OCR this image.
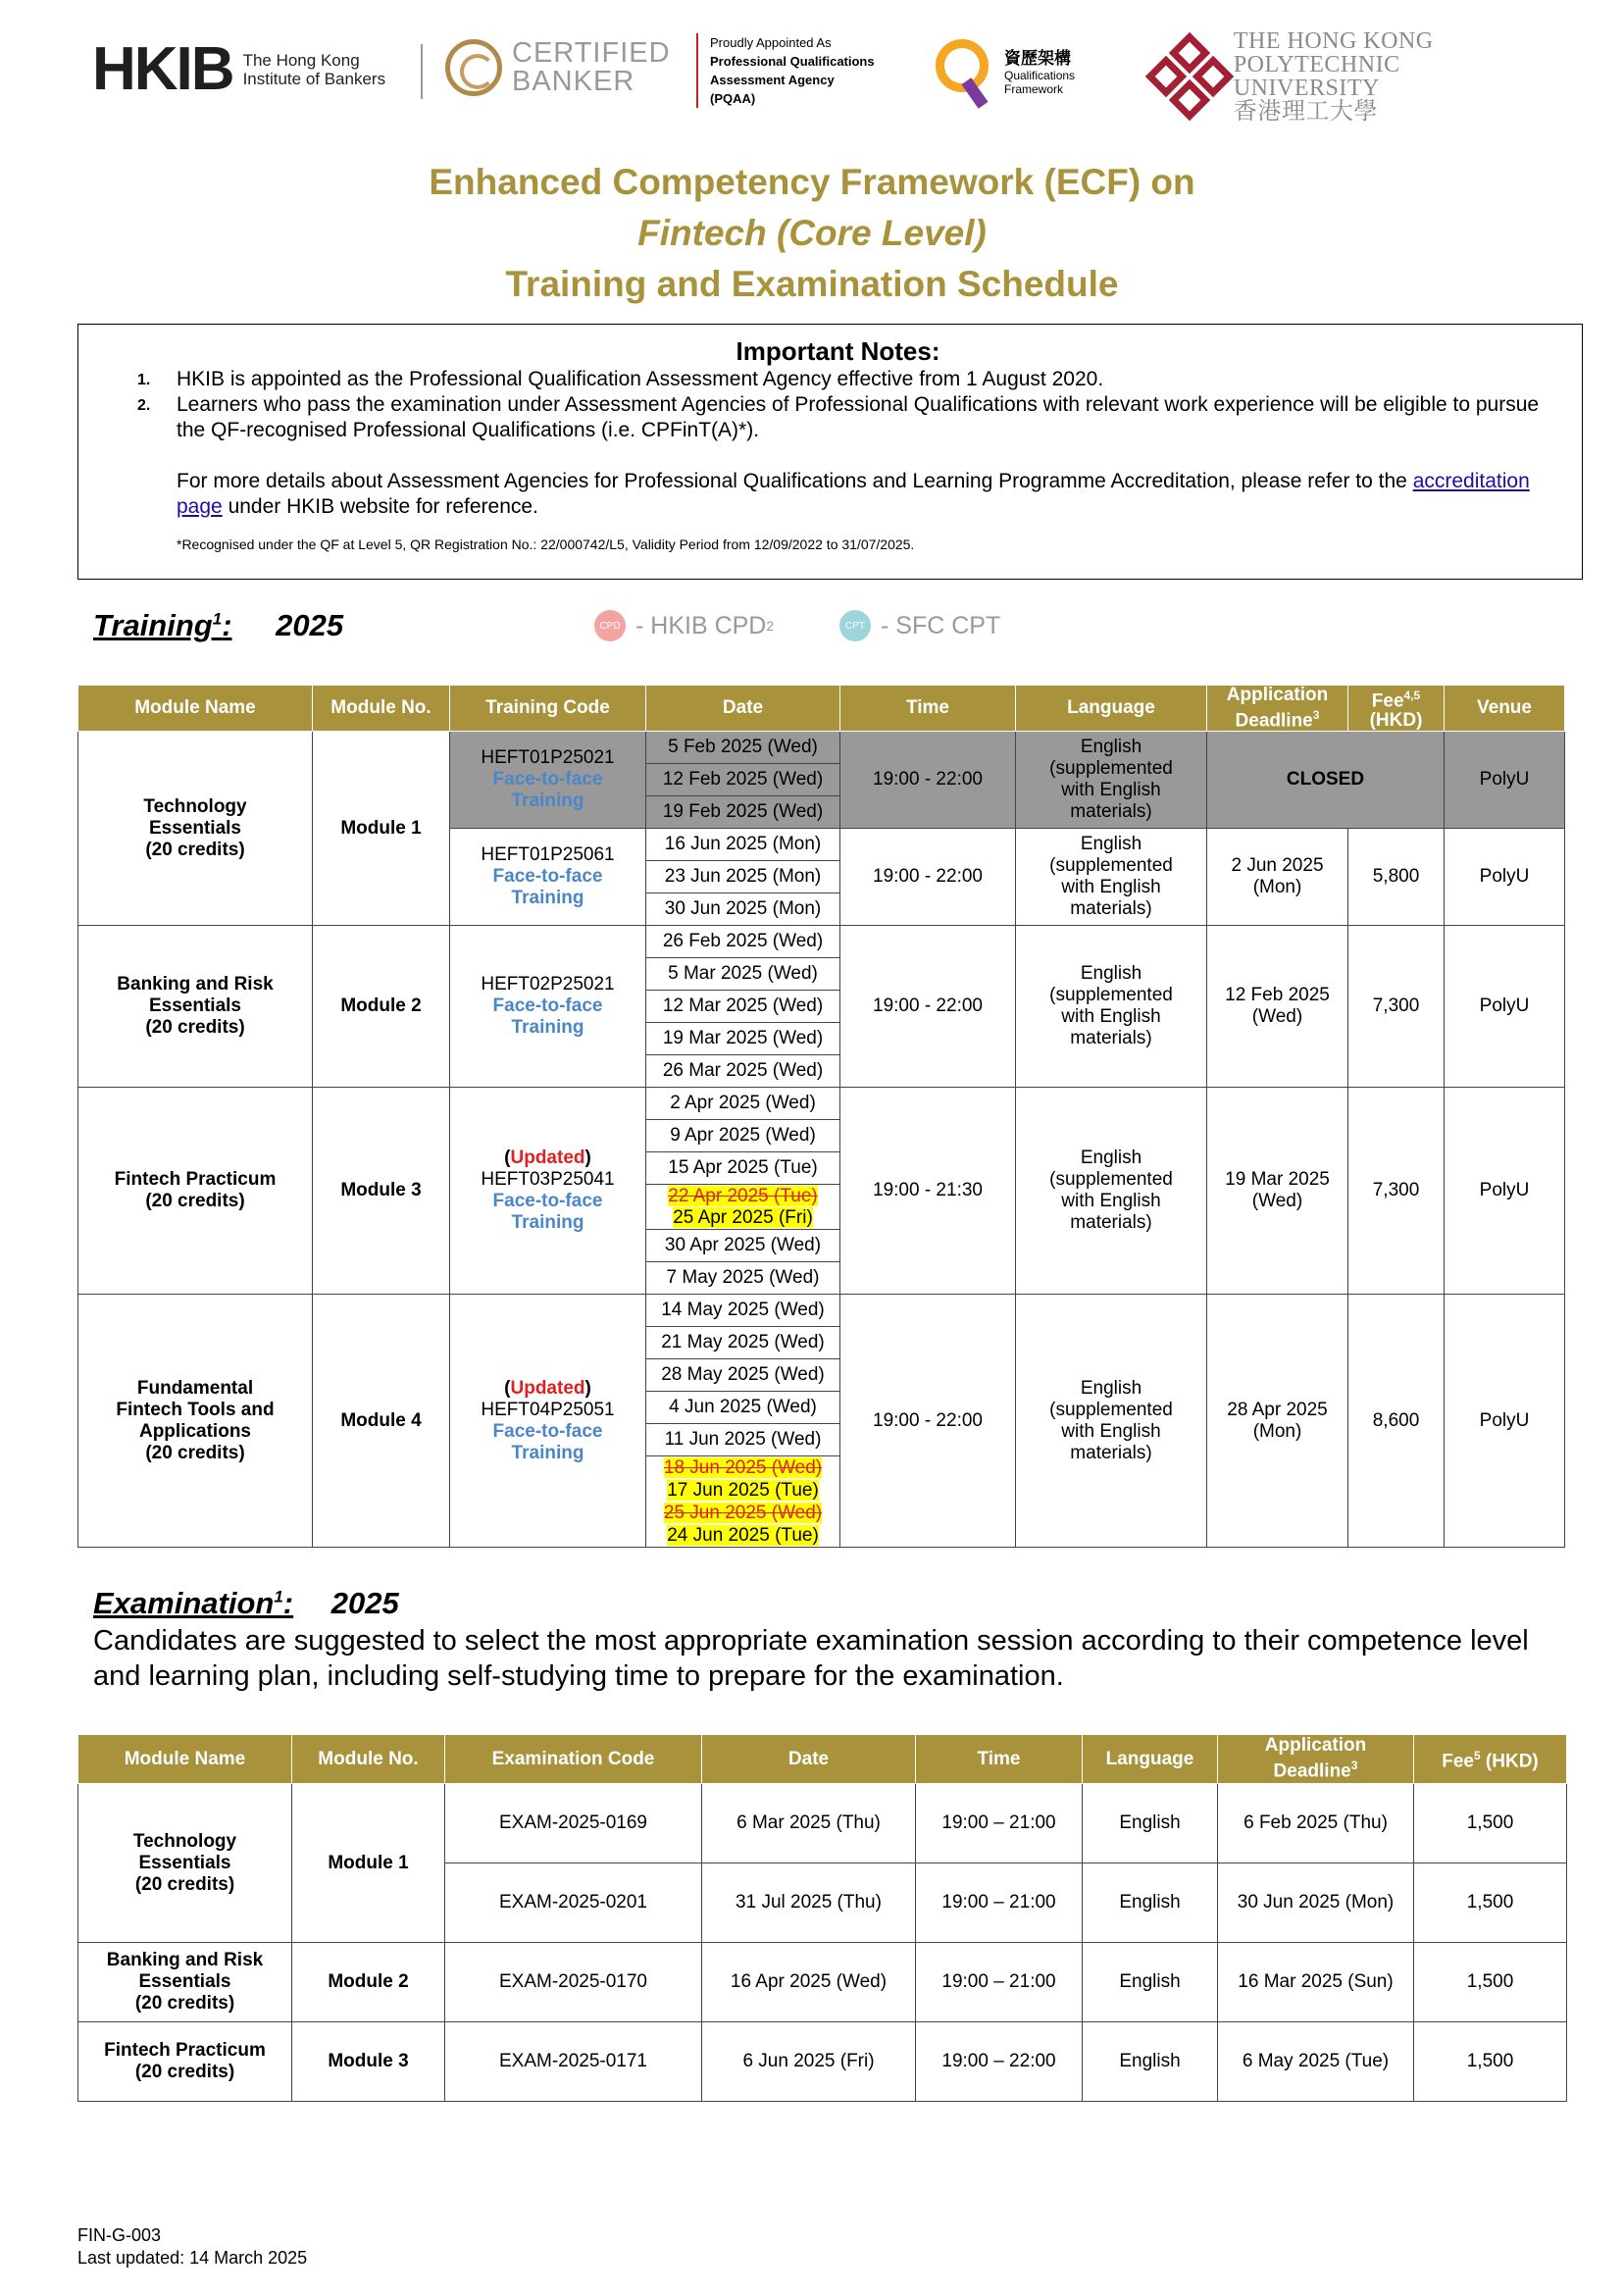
HKIB The Hong Kong
Institute of Bankers
CERTIFIED
BANKER
Proudly Appointed As
Professional Qualifications
Assessment Agency
(PQAA)
資歷架構
Qualifications
Framework
THE HONG KONG
POLYTECHNIC UNIVERSITY
香港理工大學
Enhanced Competency Framework (ECF) on
Fintech (Core Level)
Training and Examination Schedule
Important Notes:
1. HKIB is appointed as the Professional Qualification Assessment Agency effective from 1 August 2020.
2. Learners who pass the examination under Assessment Agencies of Professional Qualifications with relevant work experience will be eligible to pursue the QF-recognised Professional Qualifications (i.e. CPFinT(A)*).
For more details about Assessment Agencies for Professional Qualifications and Learning Programme Accreditation, please refer to the accreditation page under HKIB website for reference.
*Recognised under the QF at Level 5, QR Registration No.: 22/000742/L5, Validity Period from 12/09/2022 to 31/07/2025.
Training$^1$: 2025	CPD - HKIB CPD 2	CPT - SFC CPT
Module Name	Module No.	Training Code	Date	Time	Language	Application
Deadline$^3$	Fee$^{4,5}$
(HKD)	Venue
Technology
Essentials
(20 credits)	Module 1	HEFT01P25021
Face-to-face
Training	5 Feb 2025 (Wed)	19:00 - 22:00	English
(supplemented
with English
materials)	CLOSED		PolyU
			12 Feb 2025 (Wed)					
			19 Feb 2025 (Wed)					
		HEFT01P25061
Face-to-face
Training	16 Jun 2025 (Mon)	19:00 - 22:00	English
(supplemented
with English
materials)	2 Jun 2025
(Mon)	5,800	PolyU
			23 Jun 2025 (Mon)					
			30 Jun 2025 (Mon)					
Banking and Risk
Essentials
(20 credits)	Module 2	HEFT02P25021
Face-to-face
Training	26 Feb 2025 (Wed)	19:00 - 22:00	English
(supplemented
with English
materials)	12 Feb 2025
(Wed)	7,300	PolyU
			5 Mar 2025 (Wed)					
			12 Mar 2025 (Wed)					
			19 Mar 2025 (Wed)					
			26 Mar 2025 (Wed)					
Fintech Practicum
(20 credits)	Module 3	(Updated)
HEFT03P25041
Face-to-face
Training	2 Apr 2025 (Wed)	19:00 - 21:30	English
(supplemented
with English
materials)	19 Mar 2025
(Wed)	7,300	PolyU
			9 Apr 2025 (Wed)					
			15 Apr 2025 (Tue)					
			22 Apr 2025 (Tue)
25 Apr 2025 (Fri)					
			30 Apr 2025 (Wed)					
			7 May 2025 (Wed)					
Fundamental
Fintech Tools and
Applications
(20 credits)	Module 4	(Updated)
HEFT04P25051
Face-to-face
Training	14 May 2025 (Wed)	19:00 - 22:00	English
(supplemented
with English
materials)	28 Apr 2025
(Mon)	8,600	PolyU
			21 May 2025 (Wed)					
			28 May 2025 (Wed)					
			4 Jun 2025 (Wed)					
			11 Jun 2025 (Wed)					
			18 Jun 2025 (Wed)
17 Jun 2025 (Tue)
25 Jun 2025 (Wed)
24 Jun 2025 (Tue)					
Examination$^1$: 2025
Candidates are suggested to select the most appropriate examination session according to their competence level and learning plan, including self-studying time to prepare for the examination.
Module Name	Module No.	Examination Code	Date	Time	Language	Application
Deadline$^3$	Fee$^5$ (HKD)
Technology
Essentials
(20 credits)	Module 1	EXAM-2025-0169	6 Mar 2025 (Thu)	19:00 – 21:00	English	6 Feb 2025 (Thu)	1,500
		EXAM-2025-0201	31 Jul 2025 (Thu)	19:00 – 21:00	English	30 Jun 2025 (Mon)	1,500
Banking and Risk
Essentials
(20 credits)	Module 2	EXAM-2025-0170	16 Apr 2025 (Wed)	19:00 – 21:00	English	16 Mar 2025 (Sun)	1,500
Fintech Practicum
(20 credits)	Module 3	EXAM-2025-0171	6 Jun 2025 (Fri)	19:00 – 22:00	English	6 May 2025 (Tue)	1,500
FIN-G-003
Last updated: 14 March 2025
